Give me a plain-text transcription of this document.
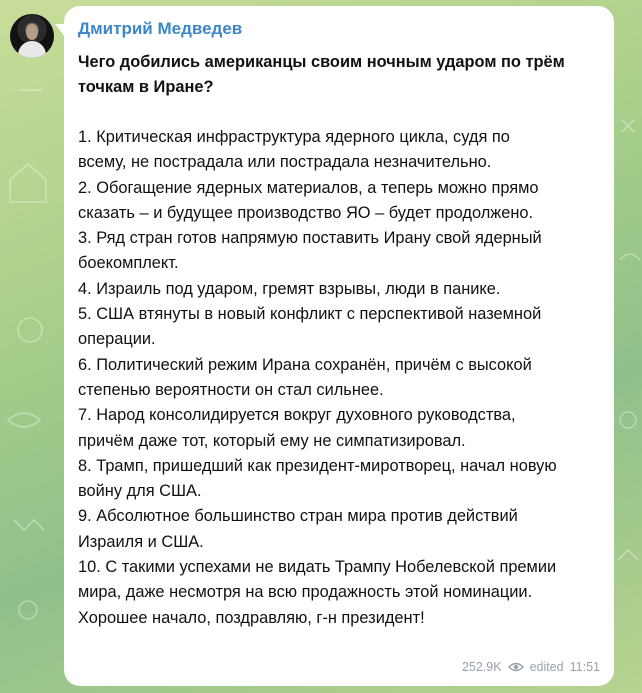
Дмитрий Медведев
Чего добились американцы своим ночным ударом по трём
точкам в Иране?
1. Критическая инфраструктура ядерного цикла, судя по
всему, не пострадала или пострадала незначительно.
2. Обогащение ядерных материалов, а теперь можно прямо
сказать – и будущее производство ЯО – будет продолжено.
3. Ряд стран готов напрямую поставить Ирану свой ядерный
боекомплект.
4. Израиль под ударом, гремят взрывы, люди в панике.
5. США втянуты в новый конфликт с перспективой наземной
операции.
6. Политический режим Ирана сохранён, причём с высокой
степенью вероятности он стал сильнее.
7. Народ консолидируется вокруг духовного руководства,
причём даже тот, который ему не симпатизировал.
8. Трамп, пришедший как президент-миротворец, начал новую
войну для США.
9. Абсолютное большинство стран мира против действий
Израиля и США.
10. С такими успехами не видать Трампу Нобелевской премии
мира, даже несмотря на всю продажность этой номинации.
Хорошее начало, поздравляю, г-н президент!
252.9K edited 11:51
